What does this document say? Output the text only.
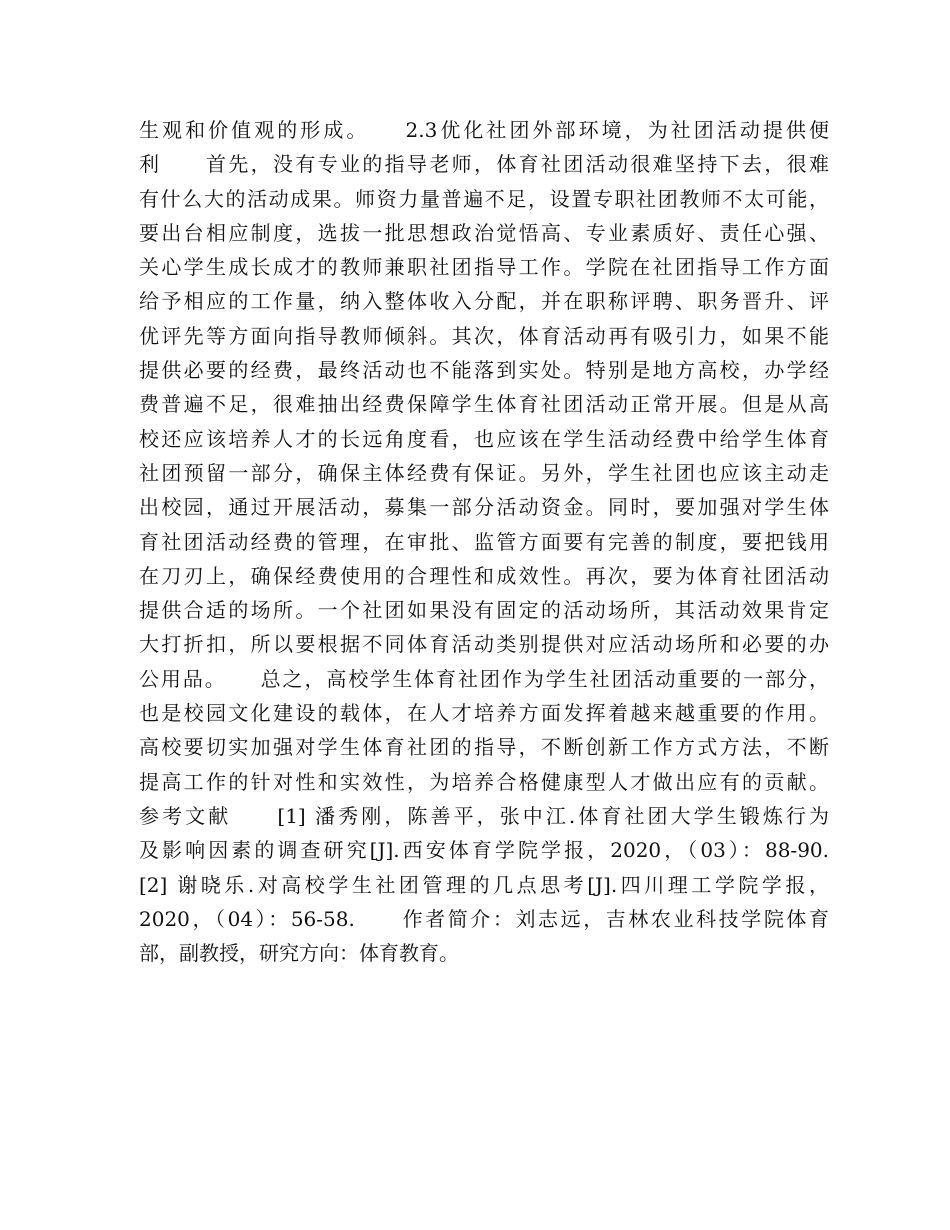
生观和价值观的形成。　　2.3优化社团外部环境，为社团活动提供便
利　　首先，没有专业的指导老师，体育社团活动很难坚持下去，很难
有什么大的活动成果。师资力量普遍不足，设置专职社团教师不太可能，
要出台相应制度，选拔一批思想政治觉悟高、专业素质好、责任心强、
关心学生成长成才的教师兼职社团指导工作。学院在社团指导工作方面
给予相应的工作量，纳入整体收入分配，并在职称评聘、职务晋升、评
优评先等方面向指导教师倾斜。其次，体育活动再有吸引力，如果不能
提供必要的经费，最终活动也不能落到实处。特别是地方高校，办学经
费普遍不足，很难抽出经费保障学生体育社团活动正常开展。但是从高
校还应该培养人才的长远角度看，也应该在学生活动经费中给学生体育
社团预留一部分，确保主体经费有保证。另外，学生社团也应该主动走
出校园，通过开展活动，募集一部分活动资金。同时，要加强对学生体
育社团活动经费的管理，在审批、监管方面要有完善的制度，要把钱用
在刀刃上，确保经费使用的合理性和成效性。再次，要为体育社团活动
提供合适的场所。一个社团如果没有固定的活动场所，其活动效果肯定
大打折扣，所以要根据不同体育活动类别提供对应活动场所和必要的办
公用品。　　总之，高校学生体育社团作为学生社团活动重要的一部分，
也是校园文化建设的载体，在人才培养方面发挥着越来越重要的作用。
高校要切实加强对学生体育社团的指导，不断创新工作方式方法，不断
提高工作的针对性和实效性，为培养合格健康型人才做出应有的贡献。
参考文献　　[1] 潘秀刚，陈善平，张中江.体育社团大学生锻炼行为
及影响因素的调查研究[J].西安体育学院学报，2020，（03）：88-90.
[2] 谢晓乐.对高校学生社团管理的几点思考[J].四川理工学院学报，
2020，（04）：56-58.　　作者简介：刘志远，吉林农业科技学院体育
部，副教授，研究方向：体育教育。
